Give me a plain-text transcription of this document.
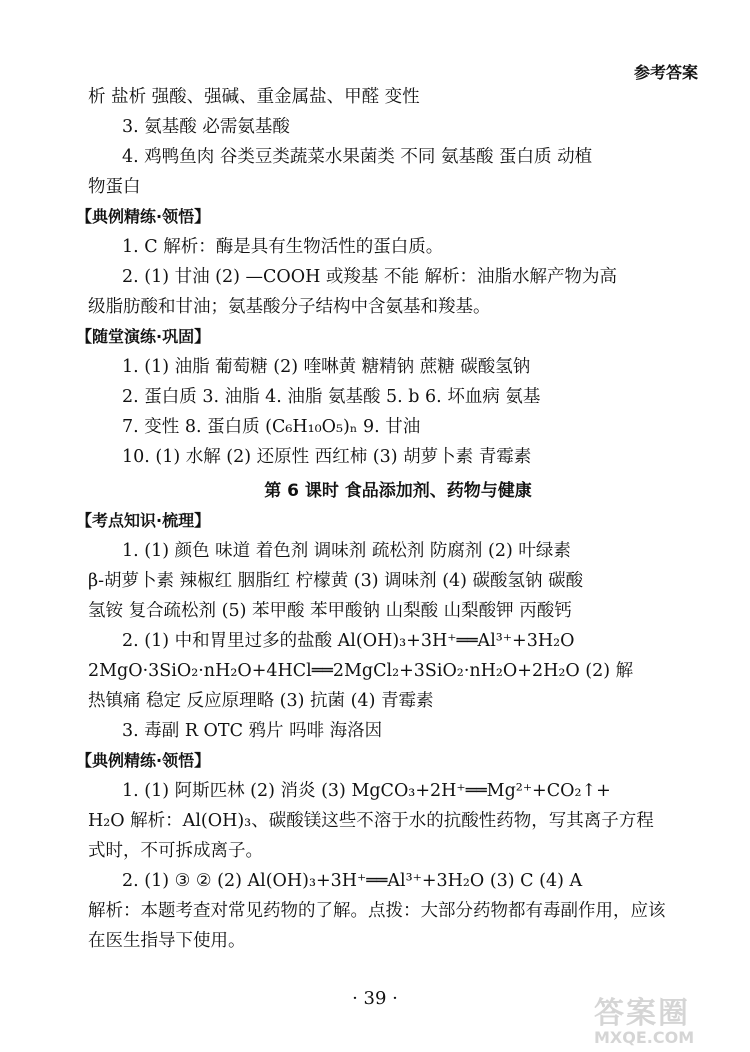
参考答案
析 盐析 强酸、强碱、重金属盐、甲醛 变性
3. 氨基酸 必需氨基酸
4. 鸡鸭鱼肉 谷类豆类蔬菜水果菌类 不同 氨基酸 蛋白质 动植
物蛋白
【典例精练·领悟】
1. C 解析：酶是具有生物活性的蛋白质。
2. (1) 甘油 (2) —COOH 或羧基 不能 解析：油脂水解产物为高
级脂肪酸和甘油；氨基酸分子结构中含氨基和羧基。
【随堂演练·巩固】
1. (1) 油脂 葡萄糖 (2) 喹啉黄 糖精钠 蔗糖 碳酸氢钠
2. 蛋白质 3. 油脂 4. 油脂 氨基酸 5. b 6. 坏血病 氨基
7. 变性 8. 蛋白质 (C₆H₁₀O₅)ₙ 9. 甘油
10. (1) 水解 (2) 还原性 西红柿 (3) 胡萝卜素 青霉素
第 6 课时 食品添加剂、药物与健康
【考点知识·梳理】
1. (1) 颜色 味道 着色剂 调味剂 疏松剂 防腐剂 (2) 叶绿素
β-胡萝卜素 辣椒红 胭脂红 柠檬黄 (3) 调味剂 (4) 碳酸氢钠 碳酸
氢铵 复合疏松剂 (5) 苯甲酸 苯甲酸钠 山梨酸 山梨酸钾 丙酸钙
2. (1) 中和胃里过多的盐酸 Al(OH)₃+3H⁺══Al³⁺+3H₂O
2MgO·3SiO₂·nH₂O+4HCl══2MgCl₂+3SiO₂·nH₂O+2H₂O (2) 解
热镇痛 稳定 反应原理略 (3) 抗菌 (4) 青霉素
3. 毒副 R OTC 鸦片 吗啡 海洛因
【典例精练·领悟】
1. (1) 阿斯匹林 (2) 消炎 (3) MgCO₃+2H⁺══Mg²⁺+CO₂↑+
H₂O 解析：Al(OH)₃、碳酸镁这些不溶于水的抗酸性药物，写其离子方程
式时，不可拆成离子。
2. (1) ③ ② (2) Al(OH)₃+3H⁺══Al³⁺+3H₂O (3) C (4) A
解析：本题考查对常见药物的了解。点拨：大部分药物都有毒副作用，应该
在医生指导下使用。
· 39 ·	答案圈
MXQE.COM
